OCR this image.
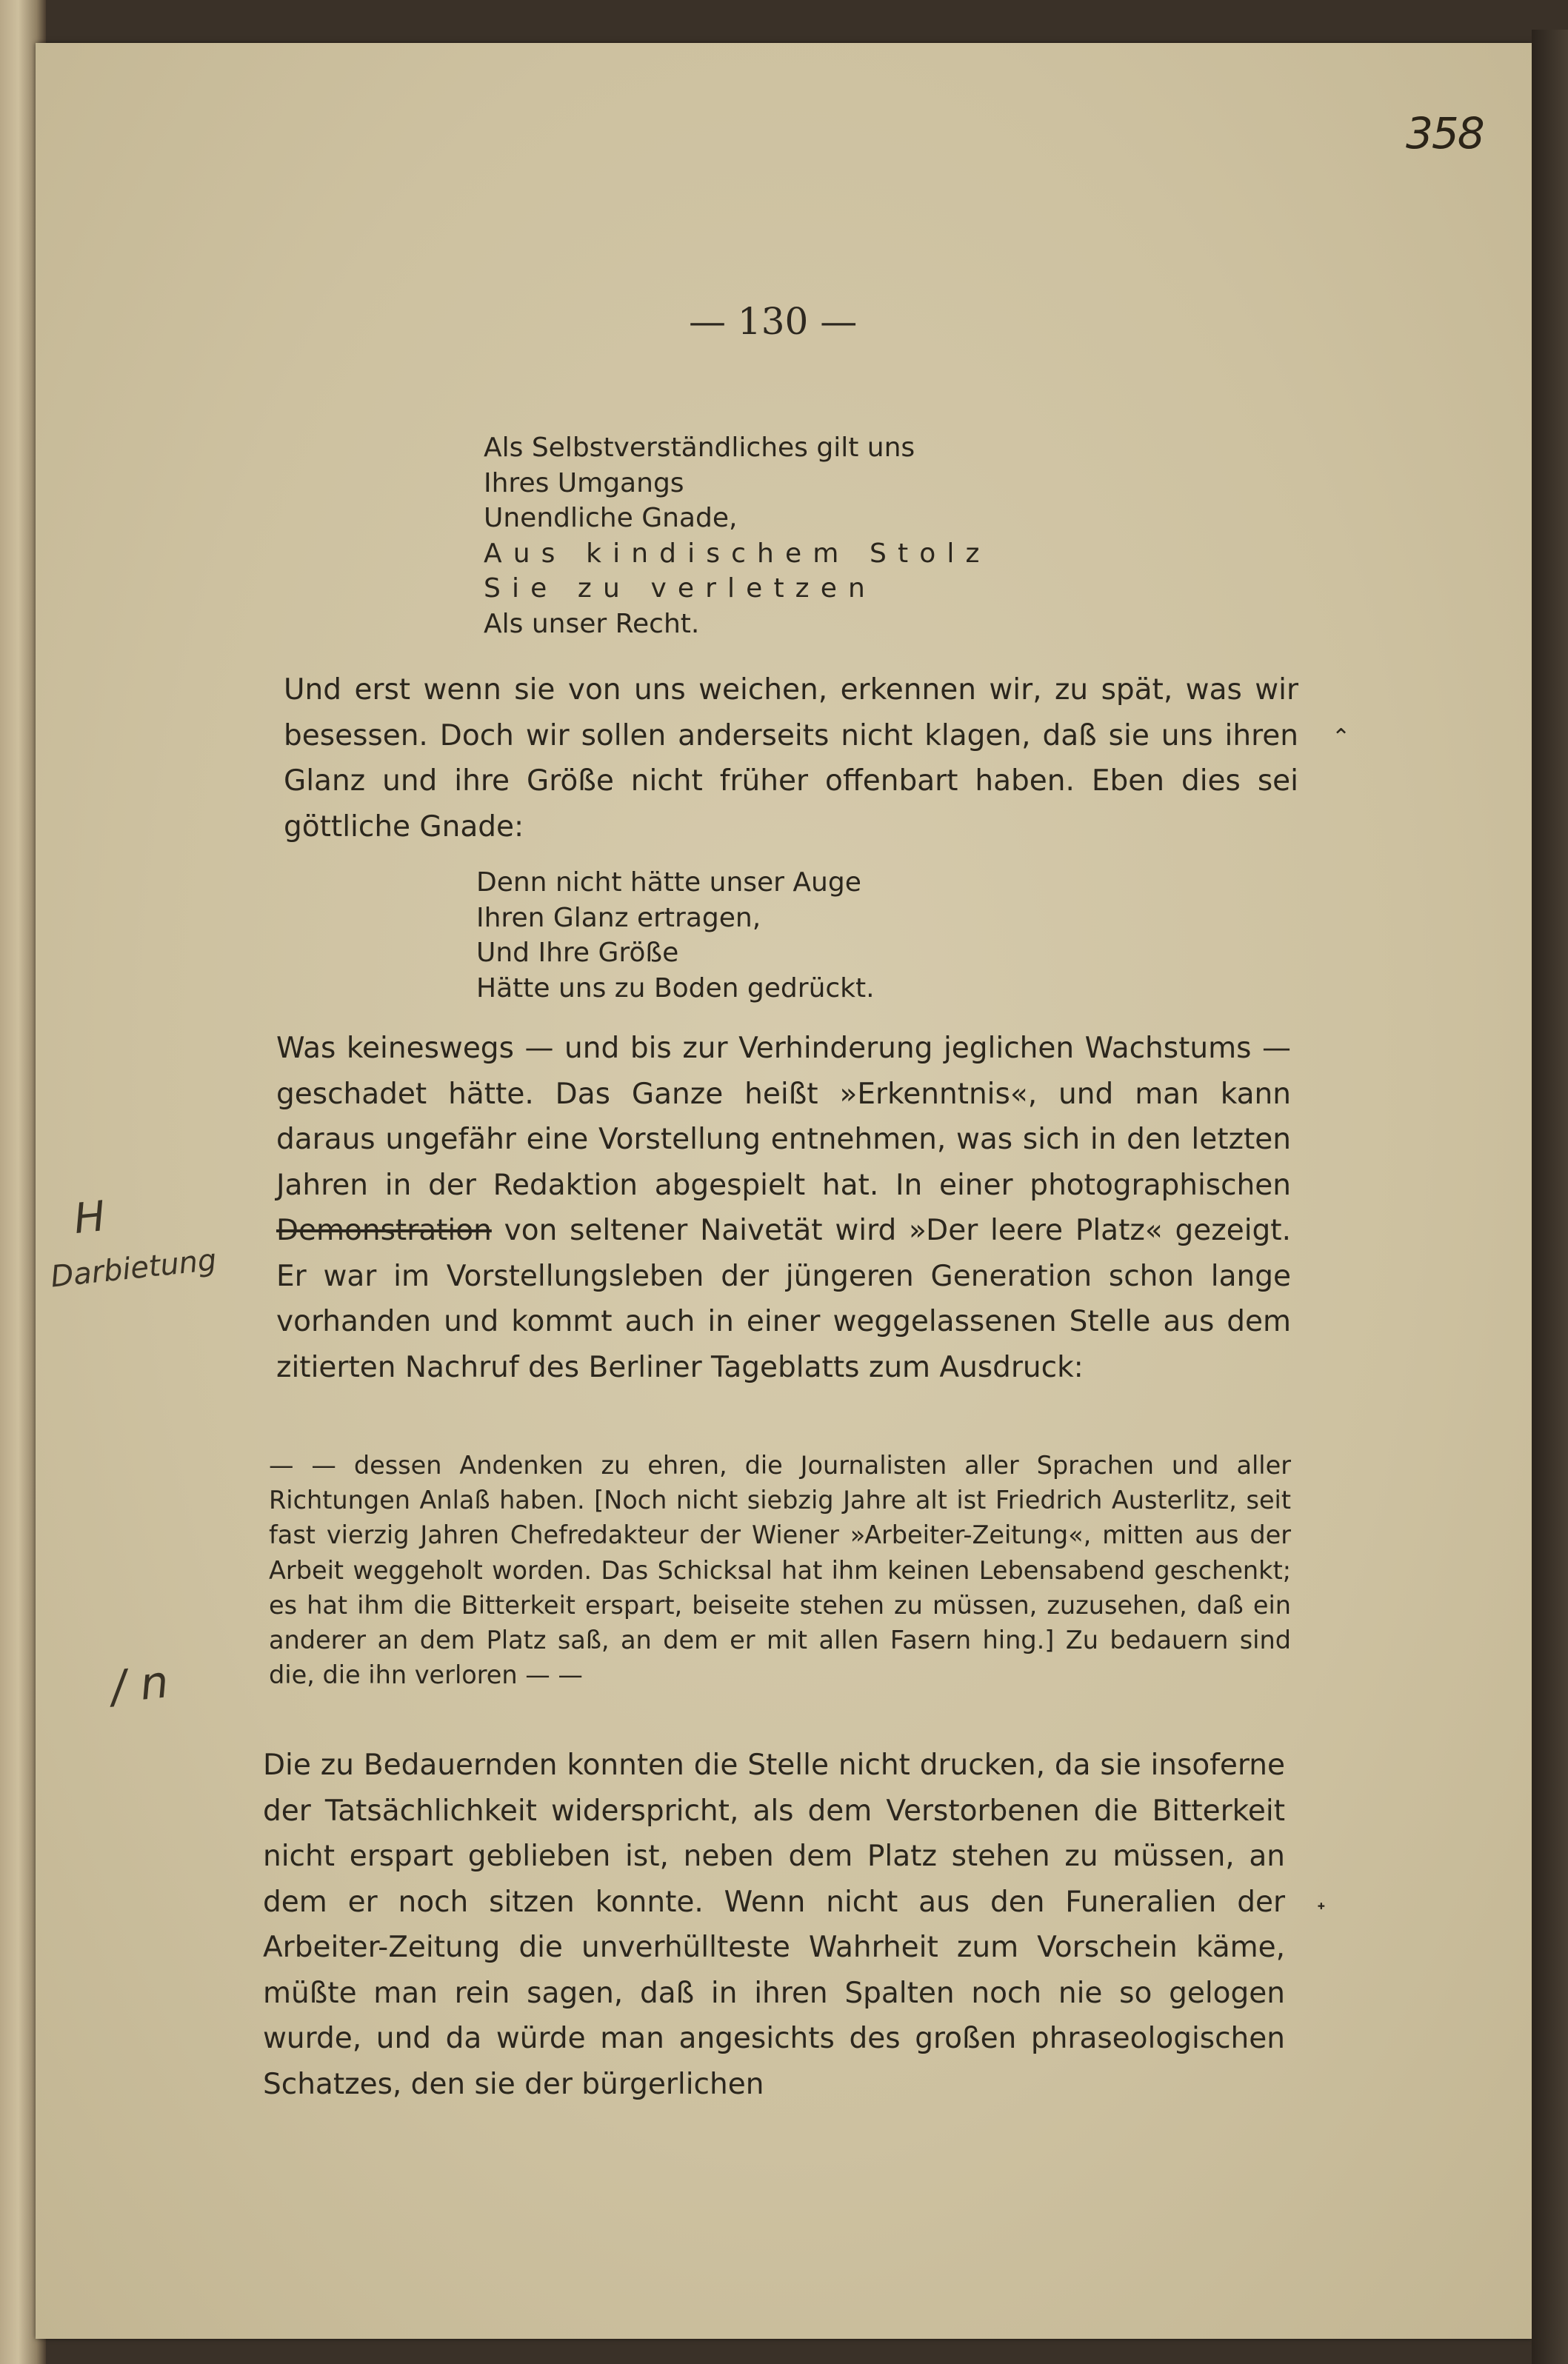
358
— 130 —
Als Selbstverständliches gilt uns
Ihres Umgangs
Unendliche Gnade,
Aus kindischem Stolz
Sie zu verletzen
Als unser Recht.
Und erst wenn sie von uns weichen, erkennen wir, zu spät, was wir besessen. Doch wir sollen anderseits nicht klagen, daß sie uns ihren Glanz und ihre Größe nicht früher offenbart haben. Eben dies sei göttliche Gnade:
Denn nicht hätte unser Auge
Ihren Glanz ertragen,
Und Ihre Größe
Hätte uns zu Boden gedrückt.
Was keineswegs — und bis zur Verhinderung jeglichen Wachstums — geschadet hätte. Das Ganze heißt »Erkenntnis«, und man kann daraus ungefähr eine Vorstellung entnehmen, was sich in den letzten Jahren in der Redaktion abgespielt hat. In einer photographischen Demonstration von seltener Naivetät wird »Der leere Platz« gezeigt. Er war im Vorstellungsleben der jüngeren Generation schon lange vorhanden und kommt auch in einer weggelassenen Stelle aus dem zitierten Nachruf des Berliner Tageblatts zum Ausdruck:
— — dessen Andenken zu ehren, die Journalisten aller Sprachen und aller Richtungen Anlaß haben. [Noch nicht siebzig Jahre alt ist Friedrich Austerlitz, seit fast vierzig Jahren Chefredakteur der Wiener »Arbeiter-Zeitung«, mitten aus der Arbeit weggeholt worden. Das Schicksal hat ihm keinen Lebensabend geschenkt; es hat ihm die Bitterkeit erspart, beiseite stehen zu müssen, zuzusehen, daß ein anderer an dem Platz saß, an dem er mit allen Fasern hing.] Zu bedauern sind die, die ihn verloren — —
Die zu Bedauernden konnten die Stelle nicht drucken, da sie insoferne der Tatsächlichkeit widerspricht, als dem Verstorbenen die Bitterkeit nicht erspart geblieben ist, neben dem Platz stehen zu müssen, an dem er noch sitzen konnte. Wenn nicht aus den Funeralien der Arbeiter-Zeitung die unverhüllteste Wahrheit zum Vorschein käme, müßte man rein sagen, daß in ihren Spalten noch nie so gelogen wurde, und da würde man angesichts des großen phraseologischen Schatzes, den sie der bürgerlichen
H
Darbietung
/ n
⌃
˖
